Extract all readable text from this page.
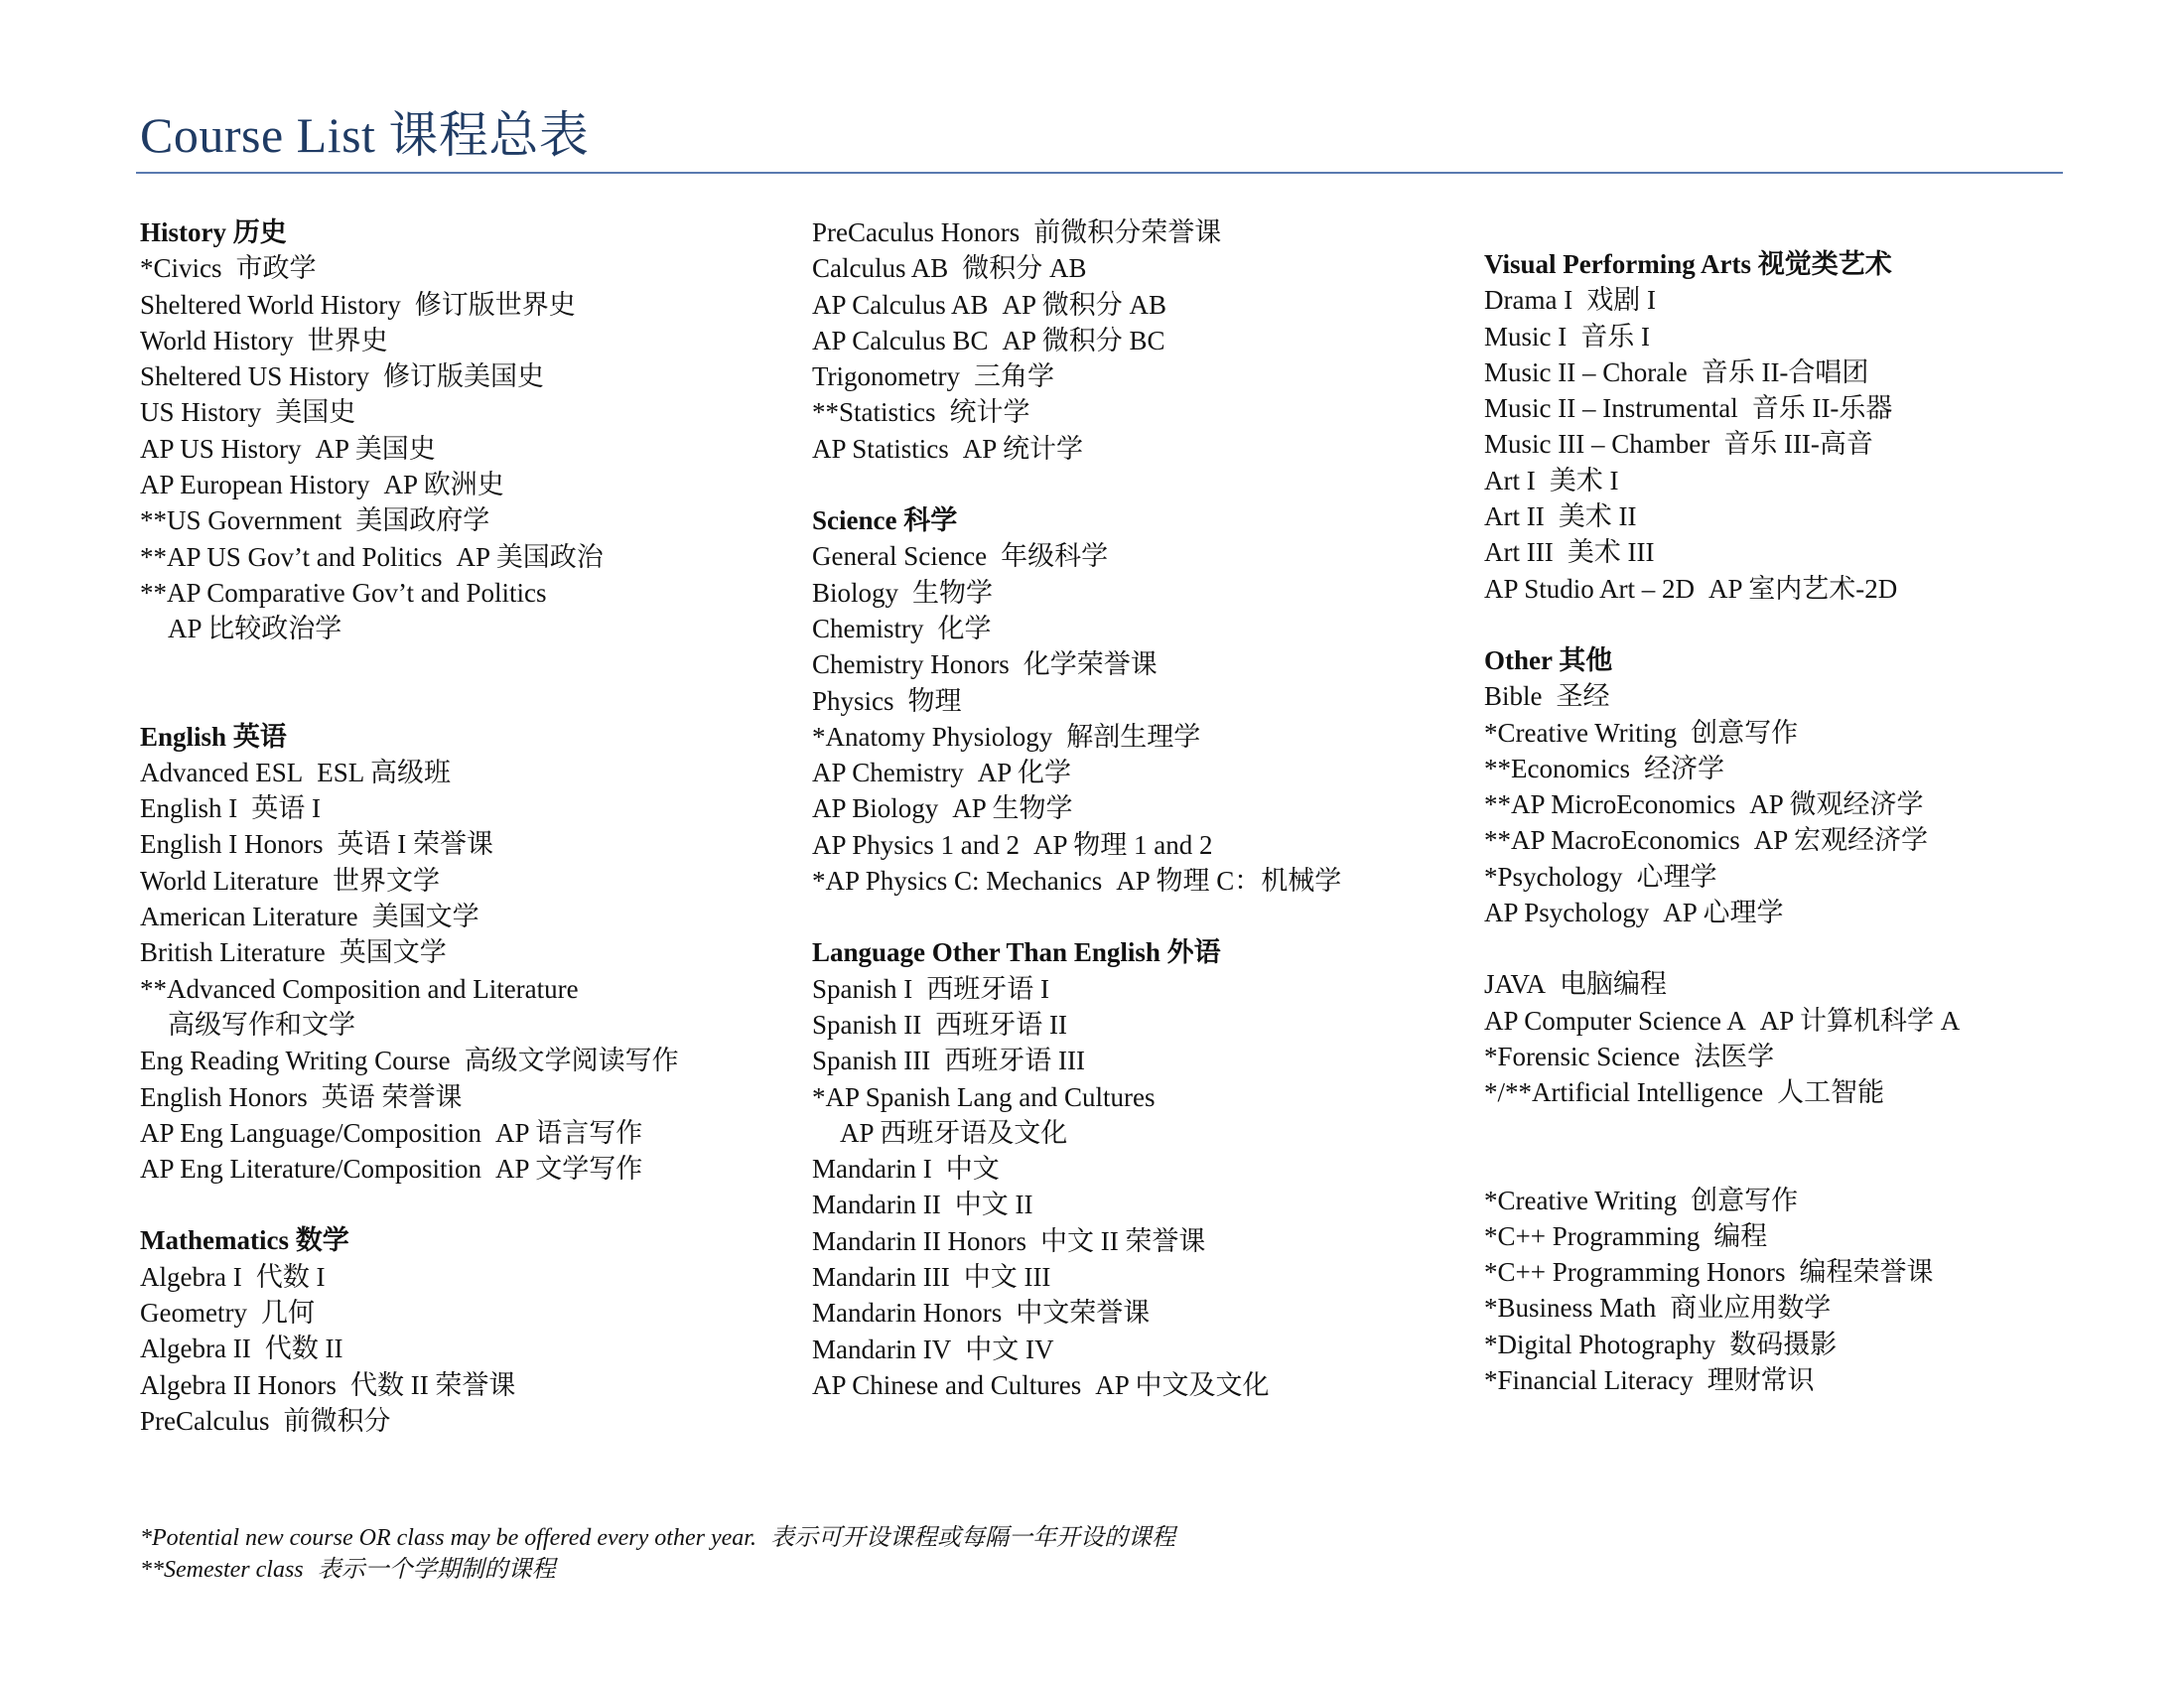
Course List 课程总表
History 历史
*Civics 市政学
Sheltered World History 修订版世界史
World History 世界史
Sheltered US History 修订版美国史
US History 美国史
AP US History AP 美国史
AP European History AP 欧洲史
**US Government 美国政府学
**AP US Gov’t and Politics AP 美国政治
**AP Comparative Gov’t and Politics
AP 比较政治学
English 英语
Advanced ESL ESL 高级班
English I 英语 I
English I Honors 英语 I 荣誉课
World Literature 世界文学
American Literature 美国文学
British Literature 英国文学
**Advanced Composition and Literature
高级写作和文学
Eng Reading Writing Course 高级文学阅读写作
English Honors 英语 荣誉课
AP Eng Language/Composition AP 语言写作
AP Eng Literature/Composition AP 文学写作
Mathematics 数学
Algebra I 代数 I
Geometry 几何
Algebra II 代数 II
Algebra II Honors 代数 II 荣誉课
PreCalculus 前微积分
PreCaculus Honors 前微积分荣誉课
Calculus AB 微积分 AB
AP Calculus AB AP 微积分 AB
AP Calculus BC AP 微积分 BC
Trigonometry 三角学
**Statistics 统计学
AP Statistics AP 统计学
Science 科学
General Science 年级科学
Biology 生物学
Chemistry 化学
Chemistry Honors 化学荣誉课
Physics 物理
*Anatomy Physiology 解剖生理学
AP Chemistry AP 化学
AP Biology AP 生物学
AP Physics 1 and 2 AP 物理 1 and 2
*AP Physics C: Mechanics AP 物理 C：机械学
Language Other Than English 外语
Spanish I 西班牙语 I
Spanish II 西班牙语 II
Spanish III 西班牙语 III
*AP Spanish Lang and Cultures
AP 西班牙语及文化
Mandarin I 中文
Mandarin II 中文 II
Mandarin II Honors 中文 II 荣誉课
Mandarin III 中文 III
Mandarin Honors 中文荣誉课
Mandarin IV 中文 IV
AP Chinese and Cultures AP 中文及文化
Visual Performing Arts 视觉类艺术
Drama I 戏剧 I
Music I 音乐 I
Music II – Chorale 音乐 II-合唱团
Music II – Instrumental 音乐 II-乐器
Music III – Chamber 音乐 III-高音
Art I 美术 I
Art II 美术 II
Art III 美术 III
AP Studio Art – 2D AP 室内艺术-2D
Other 其他
Bible 圣经
*Creative Writing 创意写作
**Economics 经济学
**AP MicroEconomics AP 微观经济学
**AP MacroEconomics AP 宏观经济学
*Psychology 心理学
AP Psychology AP 心理学
JAVA 电脑编程
AP Computer Science A AP 计算机科学 A
*Forensic Science 法医学
*/**Artificial Intelligence 人工智能
*Creative Writing 创意写作
*C++ Programming 编程
*C++ Programming Honors 编程荣誉课
*Business Math 商业应用数学
*Digital Photography 数码摄影
*Financial Literacy 理财常识
*Potential new course OR class may be offered every other year. 表示可开设课程或每隔一年开设的课程
**Semester class 表示一个学期制的课程
